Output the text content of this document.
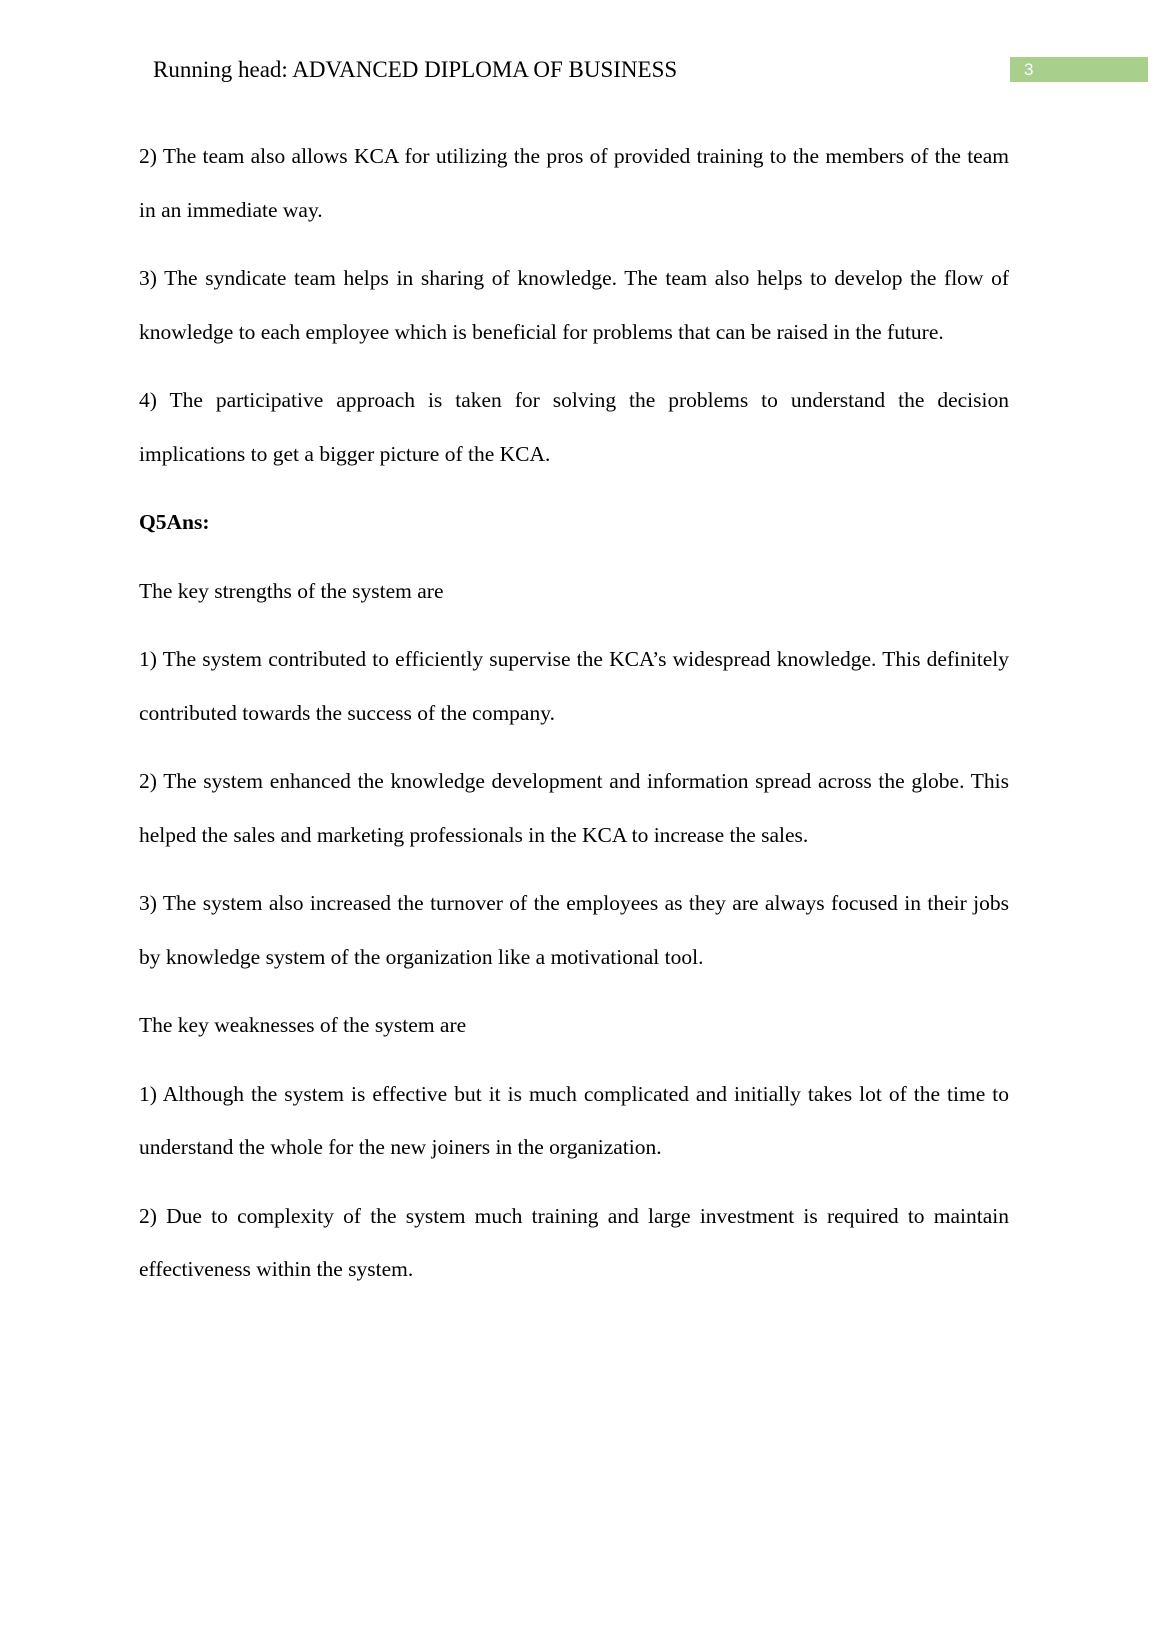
Running head: ADVANCED DIPLOMA OF BUSINESS	3

2) The team also allows KCA for utilizing the pros of provided training to the members of the team in an immediate way.

3) The syndicate team helps in sharing of knowledge. The team also helps to develop the flow of knowledge to each employee which is beneficial for problems that can be raised in the future.

4) The participative approach is taken for solving the problems to understand the decision implications to get a bigger picture of the KCA.

Q5Ans:

The key strengths of the system are

1) The system contributed to efficiently supervise the KCA’s widespread knowledge. This definitely contributed towards the success of the company.

2) The system enhanced the knowledge development and information spread across the globe. This helped the sales and marketing professionals in the KCA to increase the sales.

3) The system also increased the turnover of the employees as they are always focused in their jobs by knowledge system of the organization like a motivational tool.

The key weaknesses of the system are

1) Although the system is effective but it is much complicated and initially takes lot of the time to understand the whole for the new joiners in the organization.

2) Due to complexity of the system much training and large investment is required to maintain effectiveness within the system.
